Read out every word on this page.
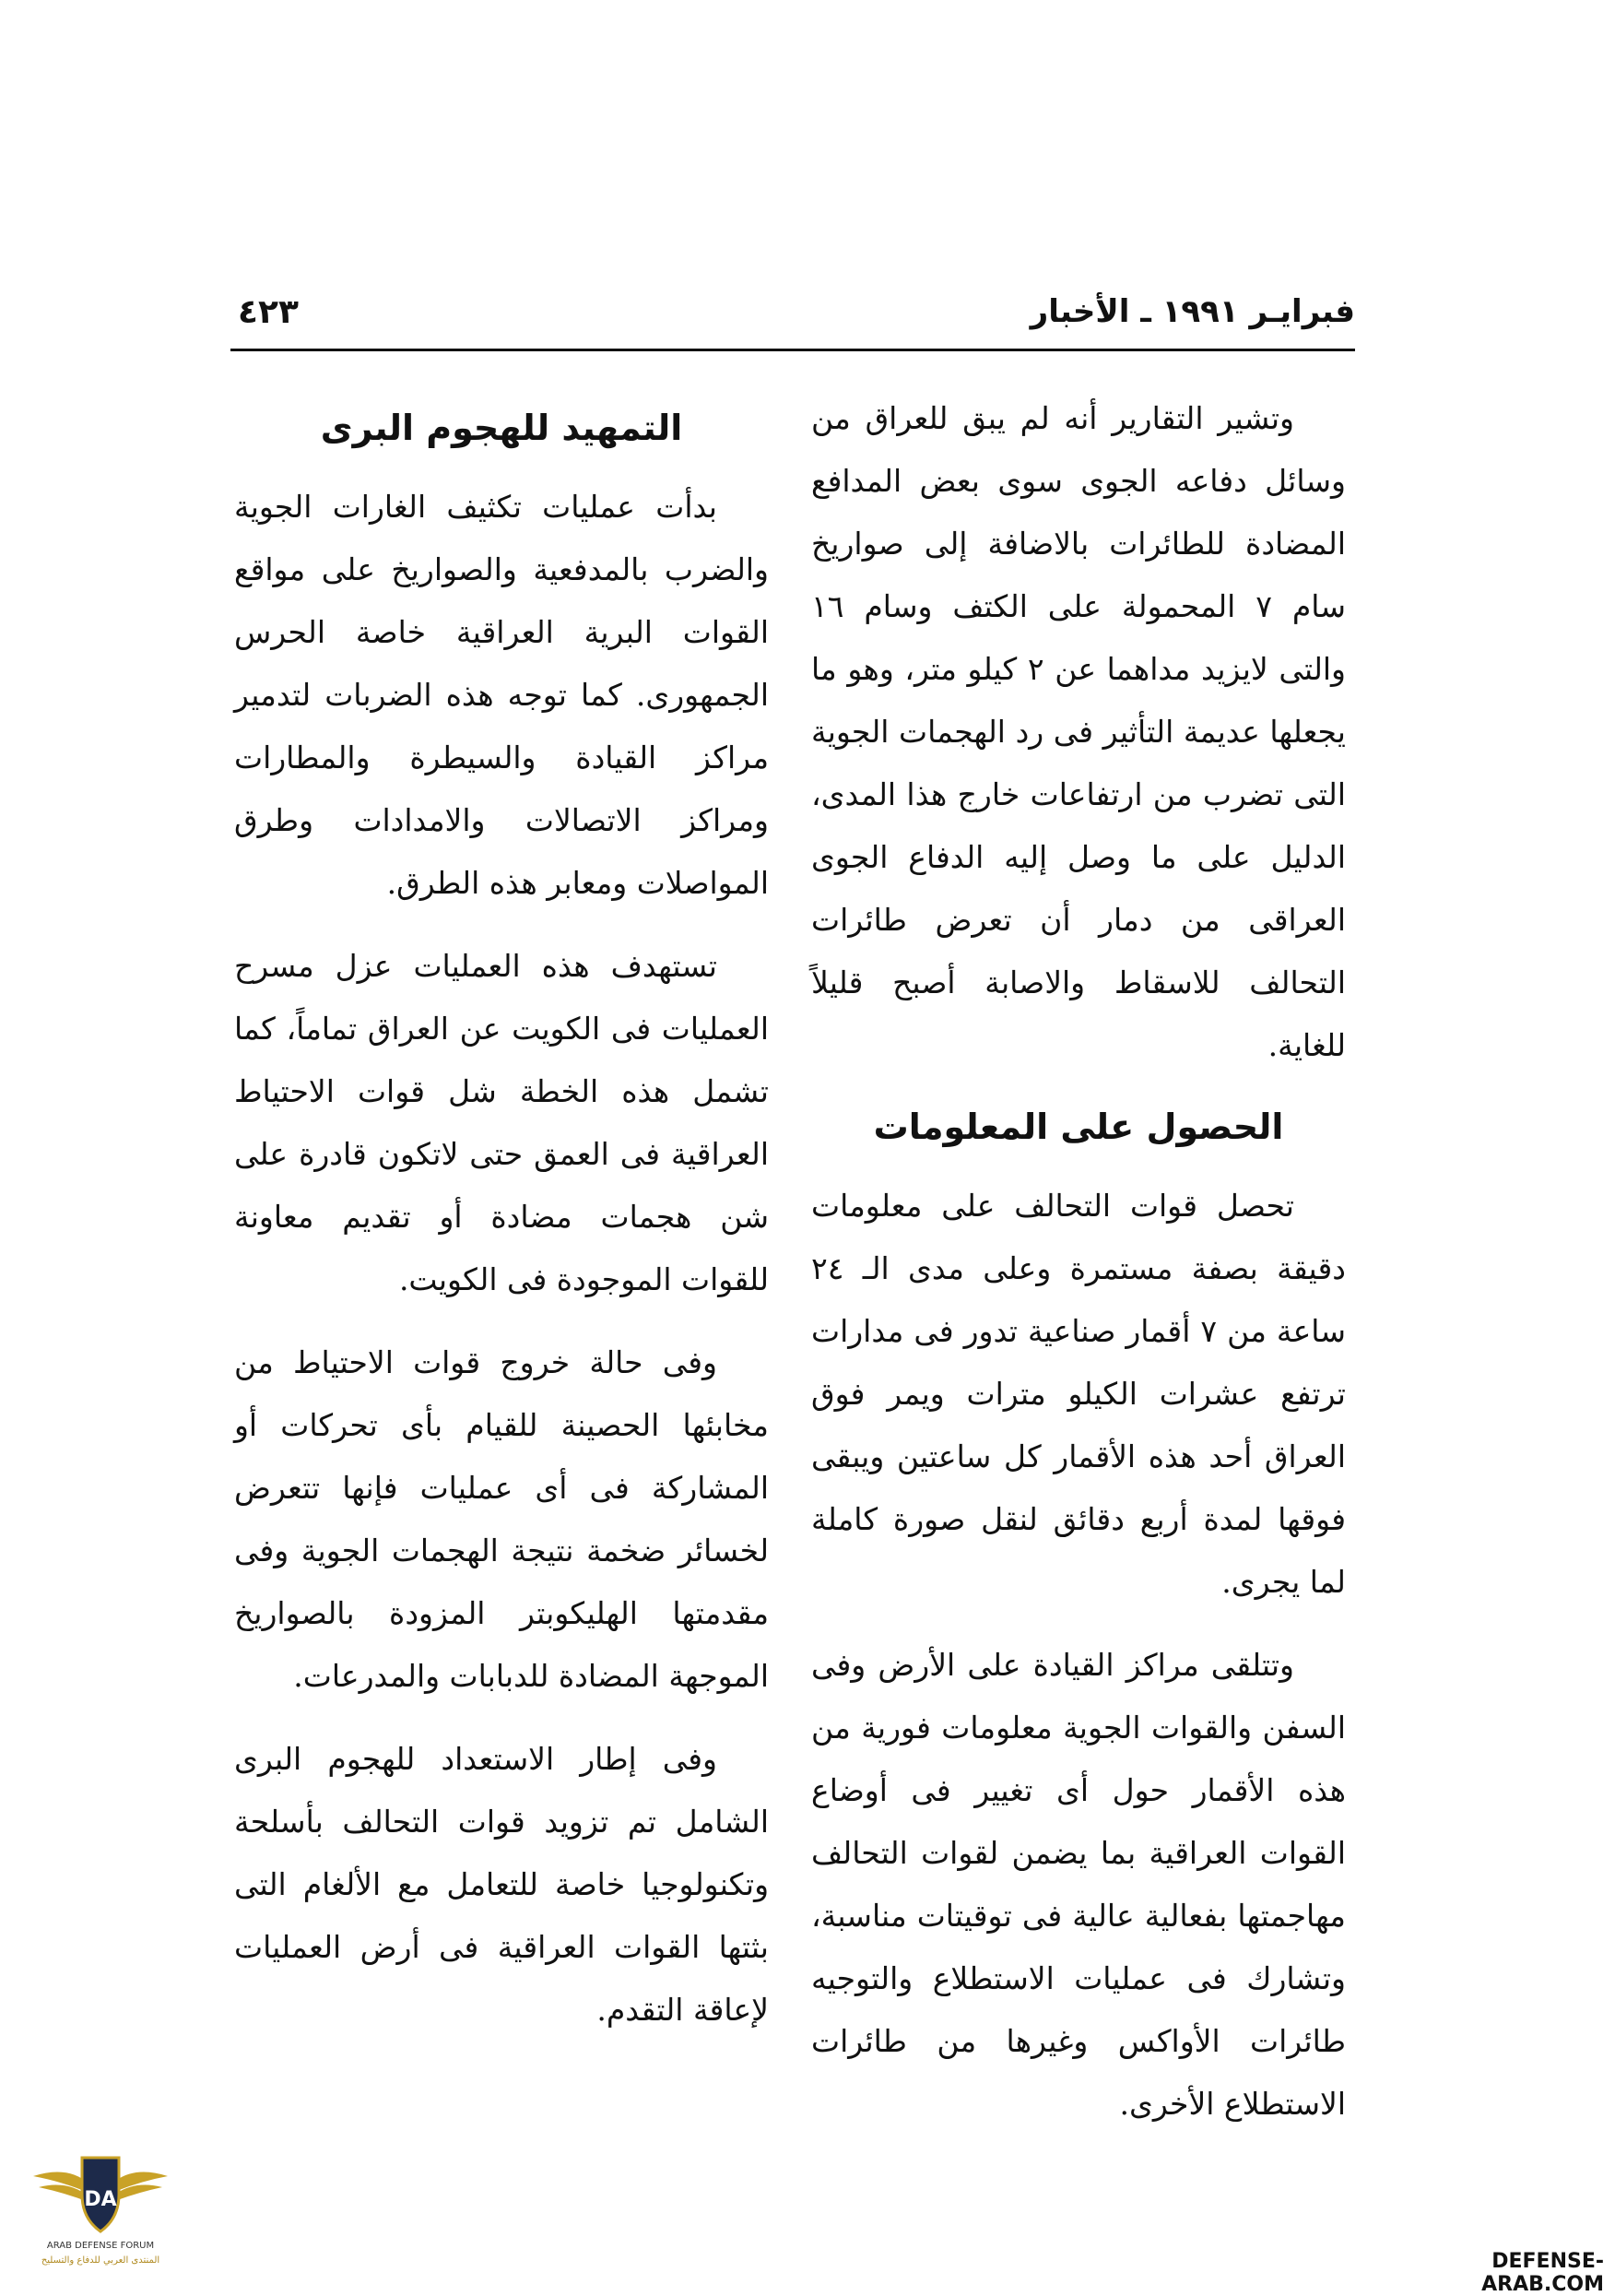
فبرايـر ١٩٩١ ـ الأخبار
٤٢٣

وتشير التقارير أنه لم يبق للعراق من وسائل دفاعه الجوى سوى بعض المدافع المضادة للطائرات بالاضافة إلى صواريخ سام ٧ المحمولة على الكتف وسام ١٦ والتى لايزيد مداهما عن ٢ كيلو متر، وهو ما يجعلها عديمة التأثير فى رد الهجمات الجوية التى تضرب من ارتفاعات خارج هذا المدى، الدليل على ما وصل إليه الدفاع الجوى العراقى من دمار أن تعرض طائرات التحالف للاسقاط والاصابة أصبح قليلاً للغاية.

الحصول على المعلومات

تحصل قوات التحالف على معلومات دقيقة بصفة مستمرة وعلى مدى الـ ٢٤ ساعة من ٧ أقمار صناعية تدور فى مدارات ترتفع عشرات الكيلو مترات ويمر فوق العراق أحد هذه الأقمار كل ساعتين ويبقى فوقها لمدة أربع دقائق لنقل صورة كاملة لما يجرى.

وتتلقى مراكز القيادة على الأرض وفى السفن والقوات الجوية معلومات فورية من هذه الأقمار حول أى تغيير فى أوضاع القوات العراقية بما يضمن لقوات التحالف مهاجمتها بفعالية عالية فى توقيتات مناسبة، وتشارك فى عمليات الاستطلاع والتوجيه طائرات الأواكس وغيرها من طائرات الاستطلاع الأخرى.

التمهيد للهجوم البرى

بدأت عمليات تكثيف الغارات الجوية والضرب بالمدفعية والصواريخ على مواقع القوات البرية العراقية خاصة الحرس الجمهورى. كما توجه هذه الضربات لتدمير مراكز القيادة والسيطرة والمطارات ومراكز الاتصالات والامدادات وطرق المواصلات ومعابر هذه الطرق.

تستهدف هذه العمليات عزل مسرح العمليات فى الكويت عن العراق تماماً، كما تشمل هذه الخطة شل قوات الاحتياط العراقية فى العمق حتى لاتكون قادرة على شن هجمات مضادة أو تقديم معاونة للقوات الموجودة فى الكويت.

وفى حالة خروج قوات الاحتياط من مخابئها الحصينة للقيام بأى تحركات أو المشاركة فى أى عمليات فإنها تتعرض لخسائر ضخمة نتيجة الهجمات الجوية وفى مقدمتها الهليكوبتر المزودة بالصواريخ الموجهة المضادة للدبابات والمدرعات.

وفى إطار الاستعداد للهجوم البرى الشامل تم تزويد قوات التحالف بأسلحة وتكنولوجيا خاصة للتعامل مع الألغام التى بثتها القوات العراقية فى أرض العمليات لإعاقة التقدم.

DA
ARAB DEFENSE FORUM
المنتدى العربي للدفاع والتسليح	DEFENSE-ARAB.COM
